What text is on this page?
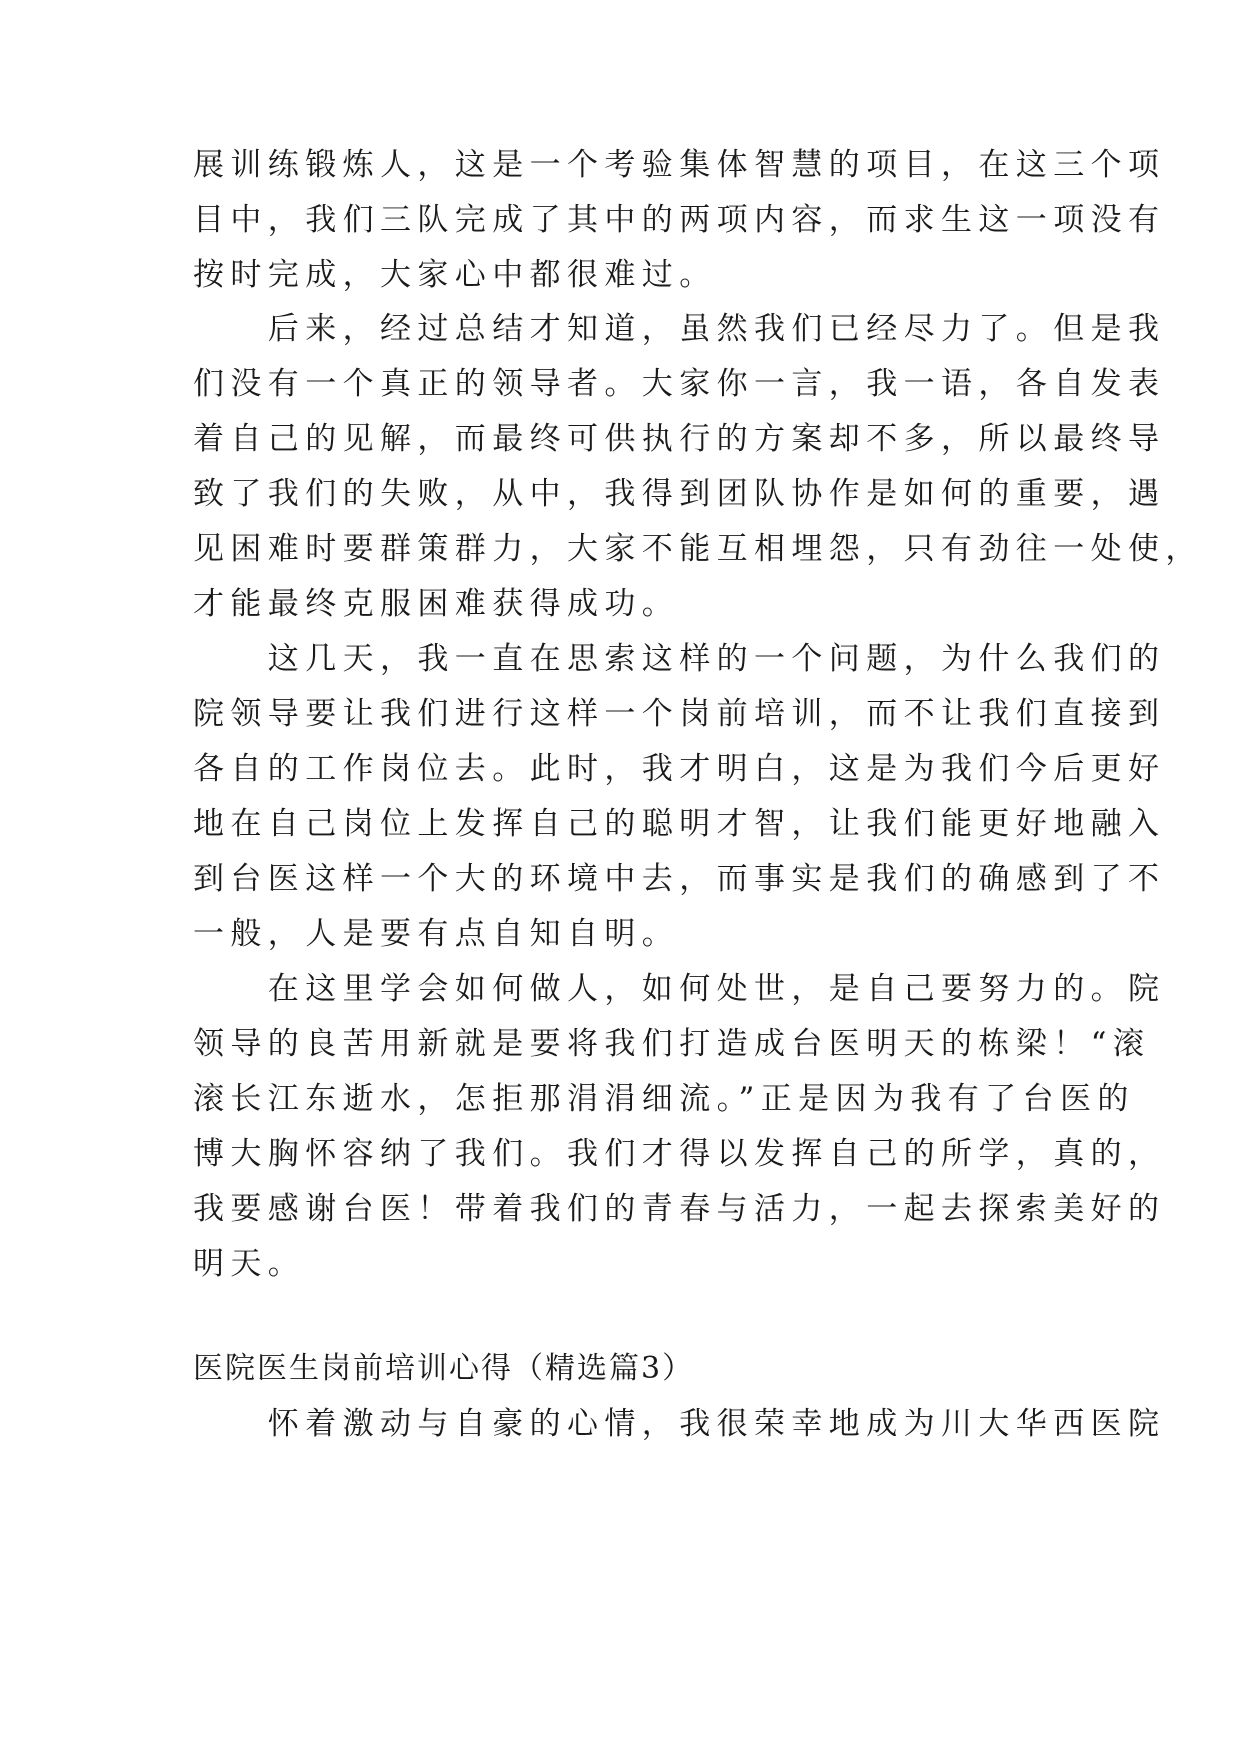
展训练锻炼人，这是一个考验集体智慧的项目，在这三个项
目中，我们三队完成了其中的两项内容，而求生这一项没有
按时完成，大家心中都很难过。
　　后来，经过总结才知道，虽然我们已经尽力了。但是我
们没有一个真正的领导者。大家你一言，我一语，各自发表
着自己的见解，而最终可供执行的方案却不多，所以最终导
致了我们的失败，从中，我得到团队协作是如何的重要，遇
见困难时要群策群力，大家不能互相埋怨，只有劲往一处使，
才能最终克服困难获得成功。
　　这几天，我一直在思索这样的一个问题，为什么我们的
院领导要让我们进行这样一个岗前培训，而不让我们直接到
各自的工作岗位去。此时，我才明白，这是为我们今后更好
地在自己岗位上发挥自己的聪明才智，让我们能更好地融入
到台医这样一个大的环境中去，而事实是我们的确感到了不
一般，人是要有点自知自明。
　　在这里学会如何做人，如何处世，是自己要努力的。院
领导的良苦用新就是要将我们打造成台医明天的栋梁！“滚
滚长江东逝水，怎拒那涓涓细流。”正是因为我有了台医的
博大胸怀容纳了我们。我们才得以发挥自己的所学，真的，
我要感谢台医！带着我们的青春与活力，一起去探索美好的
明天。
医院医生岗前培训心得（精选篇3）
　　怀着激动与自豪的心情，我很荣幸地成为川大华西医院
